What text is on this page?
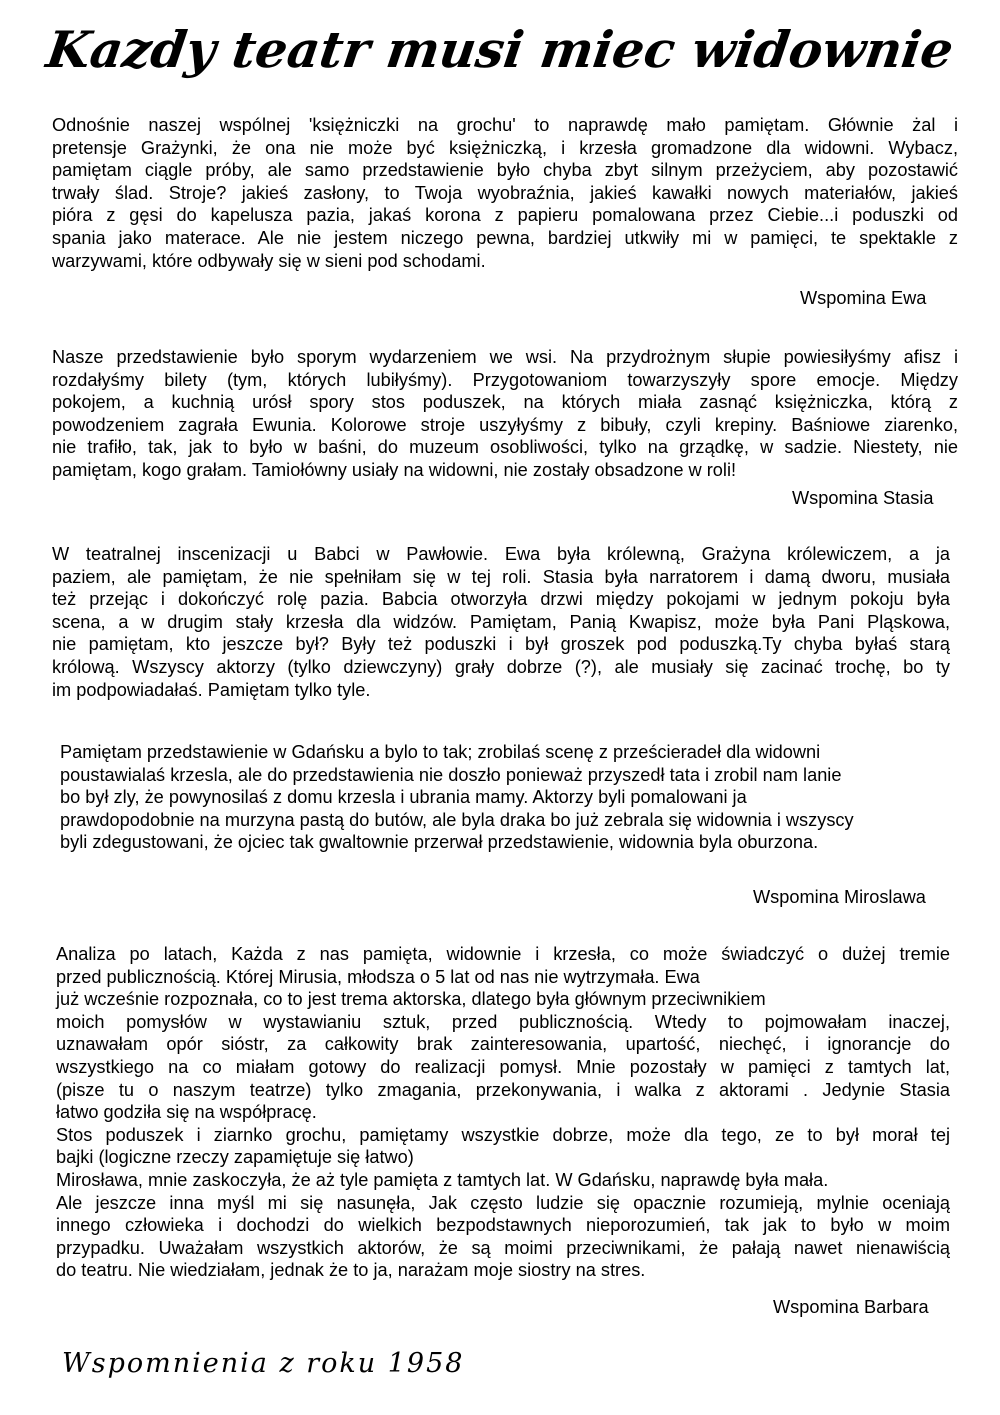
Kazdy teatr musi miec widownie
Odnośnie naszej wspólnej 'księżniczki na grochu' to naprawdę mało pamiętam. Głównie żal i
pretensje Grażynki, że ona nie może być księżniczką, i krzesła gromadzone dla widowni. Wybacz,
pamiętam ciągle próby, ale samo przedstawienie było chyba zbyt silnym przeżyciem, aby pozostawić
trwały ślad. Stroje? jakieś zasłony, to Twoja wyobraźnia, jakieś kawałki nowych materiałów, jakieś
pióra z gęsi do kapelusza pazia, jakaś korona z papieru pomalowana przez Ciebie...i poduszki od
spania jako materace. Ale nie jestem niczego pewna, bardziej utkwiły mi w pamięci, te spektakle z
warzywami, które odbywały się w sieni pod schodami.
Wspomina Ewa
Nasze przedstawienie było sporym wydarzeniem we wsi. Na przydrożnym słupie powiesiłyśmy afisz i
rozdałyśmy bilety (tym, których lubiłyśmy). Przygotowaniom towarzyszyły spore emocje. Między
pokojem, a kuchnią urósł spory stos poduszek, na których miała zasnąć księżniczka, którą z
powodzeniem zagrała Ewunia. Kolorowe stroje uszyłyśmy z bibuły, czyli krepiny. Baśniowe ziarenko,
nie trafiło, tak, jak to było w baśni, do muzeum osobliwości, tylko na grządkę, w sadzie. Niestety, nie
pamiętam, kogo grałam. Tamiołówny usiały na widowni, nie zostały obsadzone w roli!
Wspomina Stasia
W teatralnej inscenizacji u Babci w Pawłowie. Ewa była królewną, Grażyna królewiczem, a ja
paziem, ale pamiętam, że nie spełniłam się w tej roli. Stasia była narratorem i damą dworu, musiała
też przejąc i dokończyć rolę pazia. Babcia otworzyła drzwi między pokojami w jednym pokoju była
scena, a w drugim stały krzesła dla widzów. Pamiętam, Panią Kwapisz, może była Pani Pląskowa,
nie pamiętam, kto jeszcze był? Były też poduszki i był groszek pod poduszką.Ty chyba byłaś starą
królową. Wszyscy aktorzy (tylko dziewczyny) grały dobrze (?), ale musiały się zacinać trochę, bo ty
im podpowiadałaś. Pamiętam tylko tyle.
Pamiętam przedstawienie w Gdańsku a bylo to tak; zrobilaś scenę z prześcieradeł dla widowni
poustawialaś krzesla, ale do przedstawienia nie doszło ponieważ przyszedł tata i zrobil nam lanie
bo był zly, że powynosilaś z domu krzesla i ubrania mamy. Aktorzy byli pomalowani ja
prawdopodobnie na murzyna pastą do butów, ale byla draka bo już zebrala się widownia i wszyscy
byli zdegustowani, że ojciec tak gwaltownie przerwał przedstawienie, widownia byla oburzona.
Wspomina Miroslawa
Analiza po latach, Każda z nas pamięta, widownie i krzesła, co może świadczyć o dużej tremie
przed publicznością. Której Mirusia, młodsza o 5 lat od nas nie wytrzymała. Ewa
już wcześnie rozpoznała, co to jest trema aktorska, dlatego była głównym przeciwnikiem
moich pomysłów w wystawianiu sztuk, przed publicznością. Wtedy to pojmowałam inaczej,
uznawałam opór sióstr, za całkowity brak zainteresowania, upartość, niechęć, i ignorancje do
wszystkiego na co miałam gotowy do realizacji pomysł. Mnie pozostały w pamięci z tamtych lat,
(pisze tu o naszym teatrze) tylko zmagania, przekonywania, i walka z aktorami . Jedynie Stasia
łatwo godziła się na współpracę.
Stos poduszek i ziarnko grochu, pamiętamy wszystkie dobrze, może dla tego, ze to był morał tej
bajki (logiczne rzeczy zapamiętuje się łatwo)
Mirosława, mnie zaskoczyła, że aż tyle pamięta z tamtych lat. W Gdańsku, naprawdę była mała.
Ale jeszcze inna myśl mi się nasunęła, Jak często ludzie się opacznie rozumieją, mylnie oceniają
innego człowieka i dochodzi do wielkich bezpodstawnych nieporozumień, tak jak to było w moim
przypadku. Uważałam wszystkich aktorów, że są moimi przeciwnikami, że pałają nawet nienawiścią
do teatru. Nie wiedziałam, jednak że to ja, narażam moje siostry na stres.
Wspomina Barbara
Wspomnienia z roku 1958
